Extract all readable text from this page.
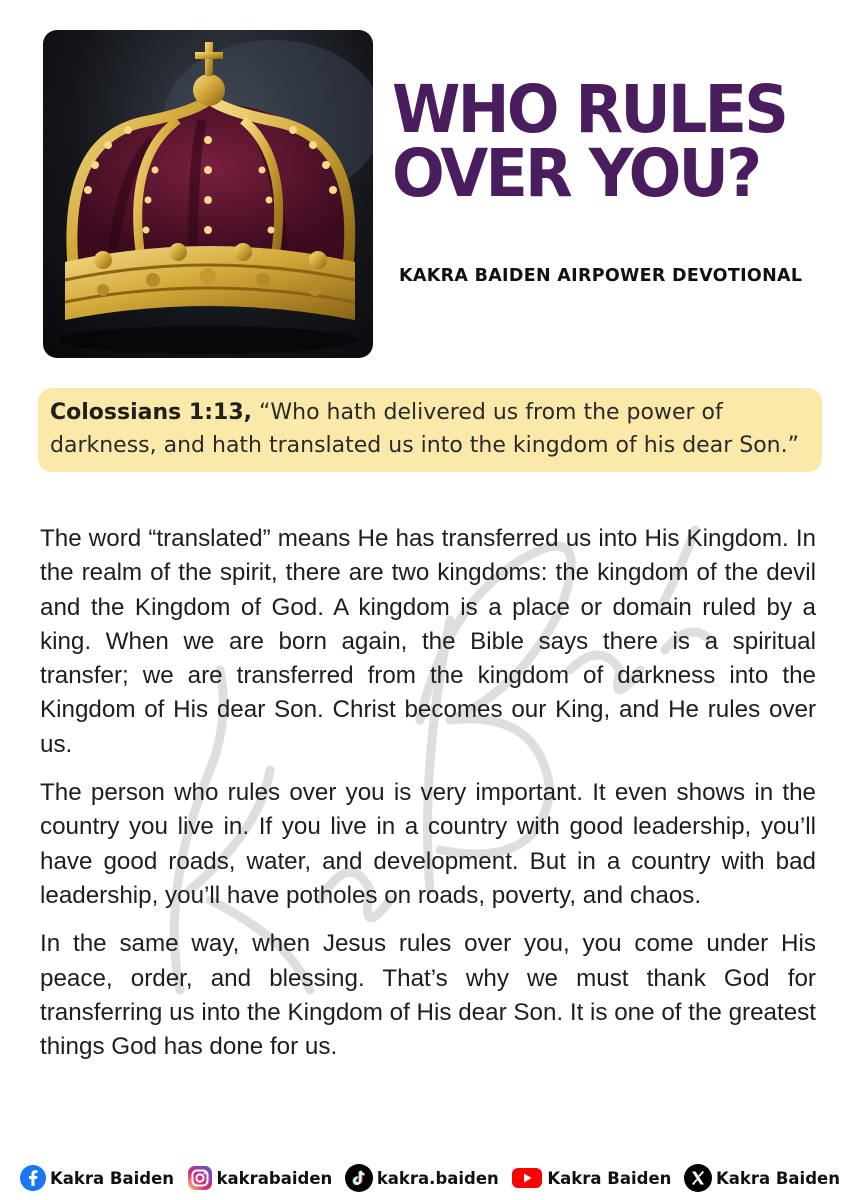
WHO RULES
OVER YOU?

KAKRA BAIDEN AIRPOWER DEVOTIONAL

Colossians 1:13, “Who hath delivered us from the power of darkness, and hath translated us into the kingdom of his dear Son.”

The word “translated” means He has transferred us into His Kingdom. In the realm of the spirit, there are two kingdoms: the kingdom of the devil and the Kingdom of God. A kingdom is a place or domain ruled by a king. When we are born again, the Bible says there is a spiritual transfer; we are transferred from the kingdom of darkness into the Kingdom of His dear Son. Christ becomes our King, and He rules over us.

The person who rules over you is very important. It even shows in the country you live in. If you live in a country with good leadership, you’ll have good roads, water, and development. But in a country with bad leadership, you’ll have potholes on roads, poverty, and chaos.

In the same way, when Jesus rules over you, you come under His peace, order, and blessing. That’s why we must thank God for transferring us into the Kingdom of His dear Son. It is one of the greatest things God has done for us.

Kakra Baiden	kakrabaiden	kakra.baiden	Kakra Baiden	Kakra Baiden
